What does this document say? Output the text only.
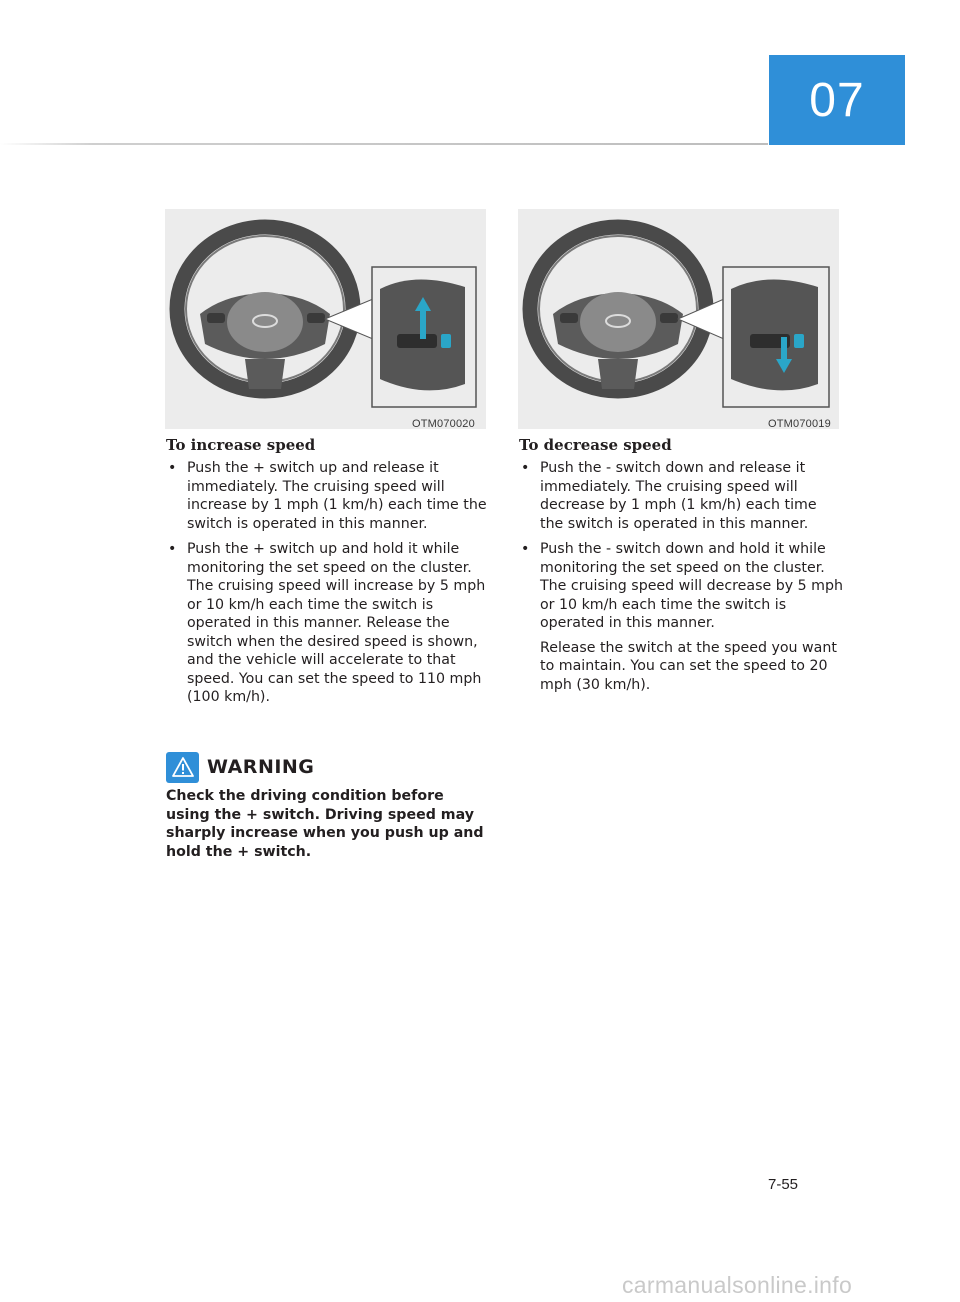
07
OTM070020	OTM070019
To increase speed
• Push the + switch up and release it immediately. The cruising speed will increase by 1 mph (1 km/h) each time the switch is operated in this manner.

• Push the + switch up and hold it while monitoring the set speed on the cluster. The cruising speed will increase by 5 mph or 10 km/h each time the switch is operated in this manner. Release the switch when the desired speed is shown, and the vehicle will accelerate to that speed. You can set the speed to 110 mph (100 km/h).

To decrease speed
• Push the - switch down and release it immediately. The cruising speed will decrease by 1 mph (1 km/h) each time the switch is operated in this manner.

• Push the - switch down and hold it while monitoring the set speed on the cluster. The cruising speed will decrease by 5 mph or 10 km/h each time the switch is operated in this manner.

Release the switch at the speed you want to maintain. You can set the speed to 20 mph (30 km/h).

WARNING
Check the driving condition before using the + switch. Driving speed may sharply increase when you push up and hold the + switch.
7-55
carmanualsonline.info
